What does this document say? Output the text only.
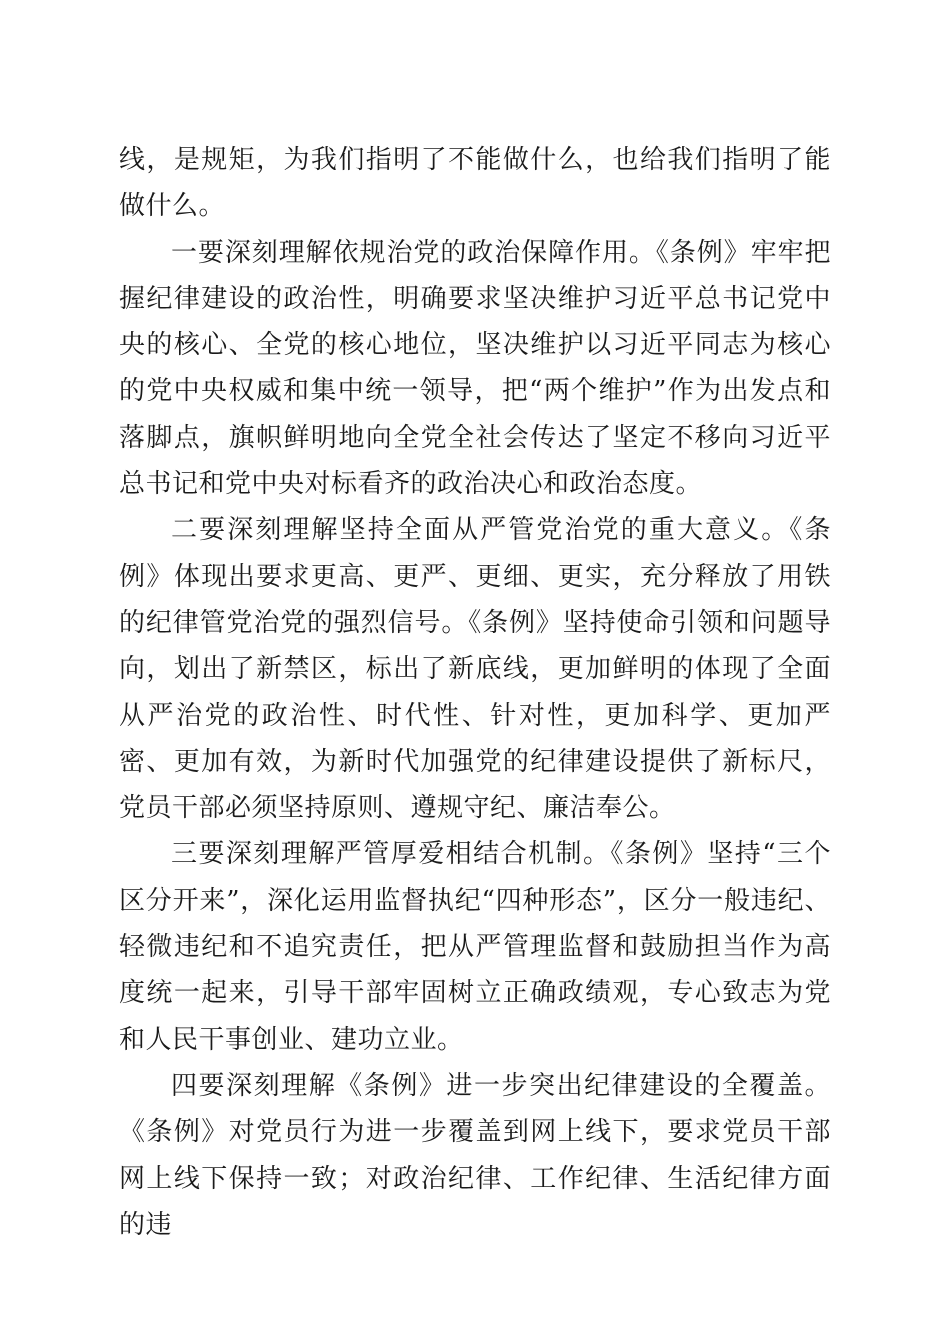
线，是规矩，为我们指明了不能做什么，也给我们指明了能做什么。

一要深刻理解依规治党的政治保障作用。《条例》牢牢把握纪律建设的政治性，明确要求坚决维护习近平总书记党中央的核心、全党的核心地位，坚决维护以习近平同志为核心的党中央权威和集中统一领导，把“两个维护”作为出发点和落脚点，旗帜鲜明地向全党全社会传达了坚定不移向习近平总书记和党中央对标看齐的政治决心和政治态度。

二要深刻理解坚持全面从严管党治党的重大意义。《条例》体现出要求更高、更严、更细、更实，充分释放了用铁的纪律管党治党的强烈信号。《条例》坚持使命引领和问题导向，划出了新禁区，标出了新底线，更加鲜明的体现了全面从严治党的政治性、时代性、针对性，更加科学、更加严密、更加有效，为新时代加强党的纪律建设提供了新标尺，党员干部必须坚持原则、遵规守纪、廉洁奉公。

三要深刻理解严管厚爱相结合机制。《条例》坚持“三个区分开来”，深化运用监督执纪“四种形态”，区分一般违纪、轻微违纪和不追究责任，把从严管理监督和鼓励担当作为高度统一起来，引导干部牢固树立正确政绩观，专心致志为党和人民干事创业、建功立业。

四要深刻理解《条例》进一步突出纪律建设的全覆盖。《条例》对党员行为进一步覆盖到网上线下，要求党员干部网上线下保持一致；对政治纪律、工作纪律、生活纪律方面的违
